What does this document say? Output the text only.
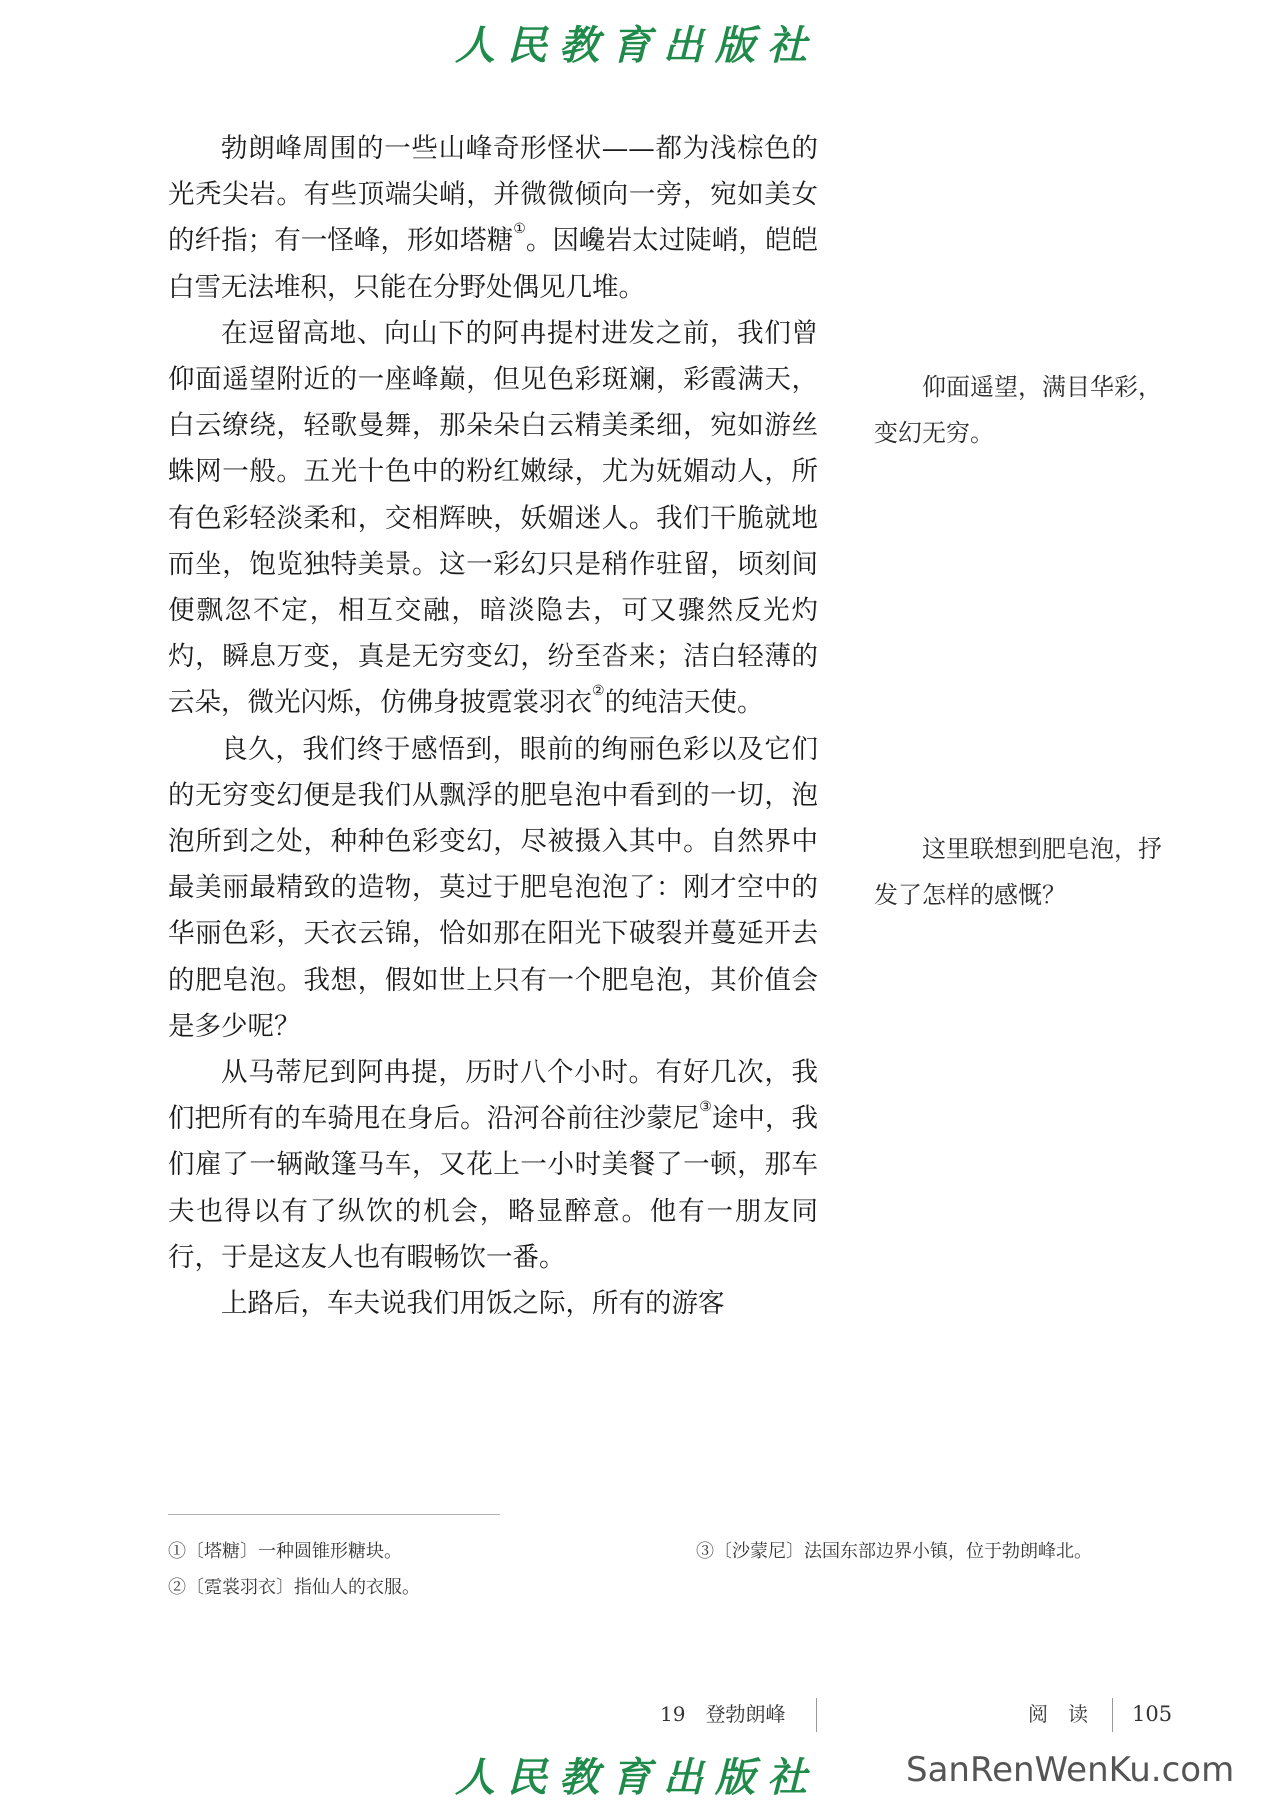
人民教育出版社

勃朗峰周围的一些山峰奇形怪状——都为浅棕色的光秃尖岩。有些顶端尖峭，并微微倾向一旁，宛如美女的纤指；有一怪峰，形如塔糖①。因巉岩太过陡峭，皑皑白雪无法堆积，只能在分野处偶见几堆。

在逗留高地、向山下的阿冉提村进发之前，我们曾仰面遥望附近的一座峰巅，但见色彩斑斓，彩霞满天，白云缭绕，轻歌曼舞，那朵朵白云精美柔细，宛如游丝蛛网一般。五光十色中的粉红嫩绿，尤为妩媚动人，所有色彩轻淡柔和，交相辉映，妖媚迷人。我们干脆就地而坐，饱览独特美景。这一彩幻只是稍作驻留，顷刻间便飘忽不定，相互交融，暗淡隐去，可又骤然反光灼灼，瞬息万变，真是无穷变幻，纷至沓来；洁白轻薄的云朵，微光闪烁，仿佛身披霓裳羽衣②的纯洁天使。

良久，我们终于感悟到，眼前的绚丽色彩以及它们的无穷变幻便是我们从飘浮的肥皂泡中看到的一切，泡泡所到之处，种种色彩变幻，尽被摄入其中。自然界中最美丽最精致的造物，莫过于肥皂泡泡了：刚才空中的华丽色彩，天衣云锦，恰如那在阳光下破裂并蔓延开去的肥皂泡。我想，假如世上只有一个肥皂泡，其价值会是多少呢？

从马蒂尼到阿冉提，历时八个小时。有好几次，我们把所有的车骑甩在身后。沿河谷前往沙蒙尼③途中，我们雇了一辆敞篷马车，又花上一小时美餐了一顿，那车夫也得以有了纵饮的机会，略显醉意。他有一朋友同行，于是这友人也有暇畅饮一番。

上路后，车夫说我们用饭之际，所有的游客

仰面遥望，满目华彩，变幻无穷。
这里联想到肥皂泡，抒发了怎样的感慨？
①〔塔糖〕一种圆锥形糖块。
②〔霓裳羽衣〕指仙人的衣服。
③〔沙蒙尼〕法国东部边界小镇，位于勃朗峰北。
19　登勃朗峰	阅　读 105
人民教育出版社	SanRenWenKu.com
